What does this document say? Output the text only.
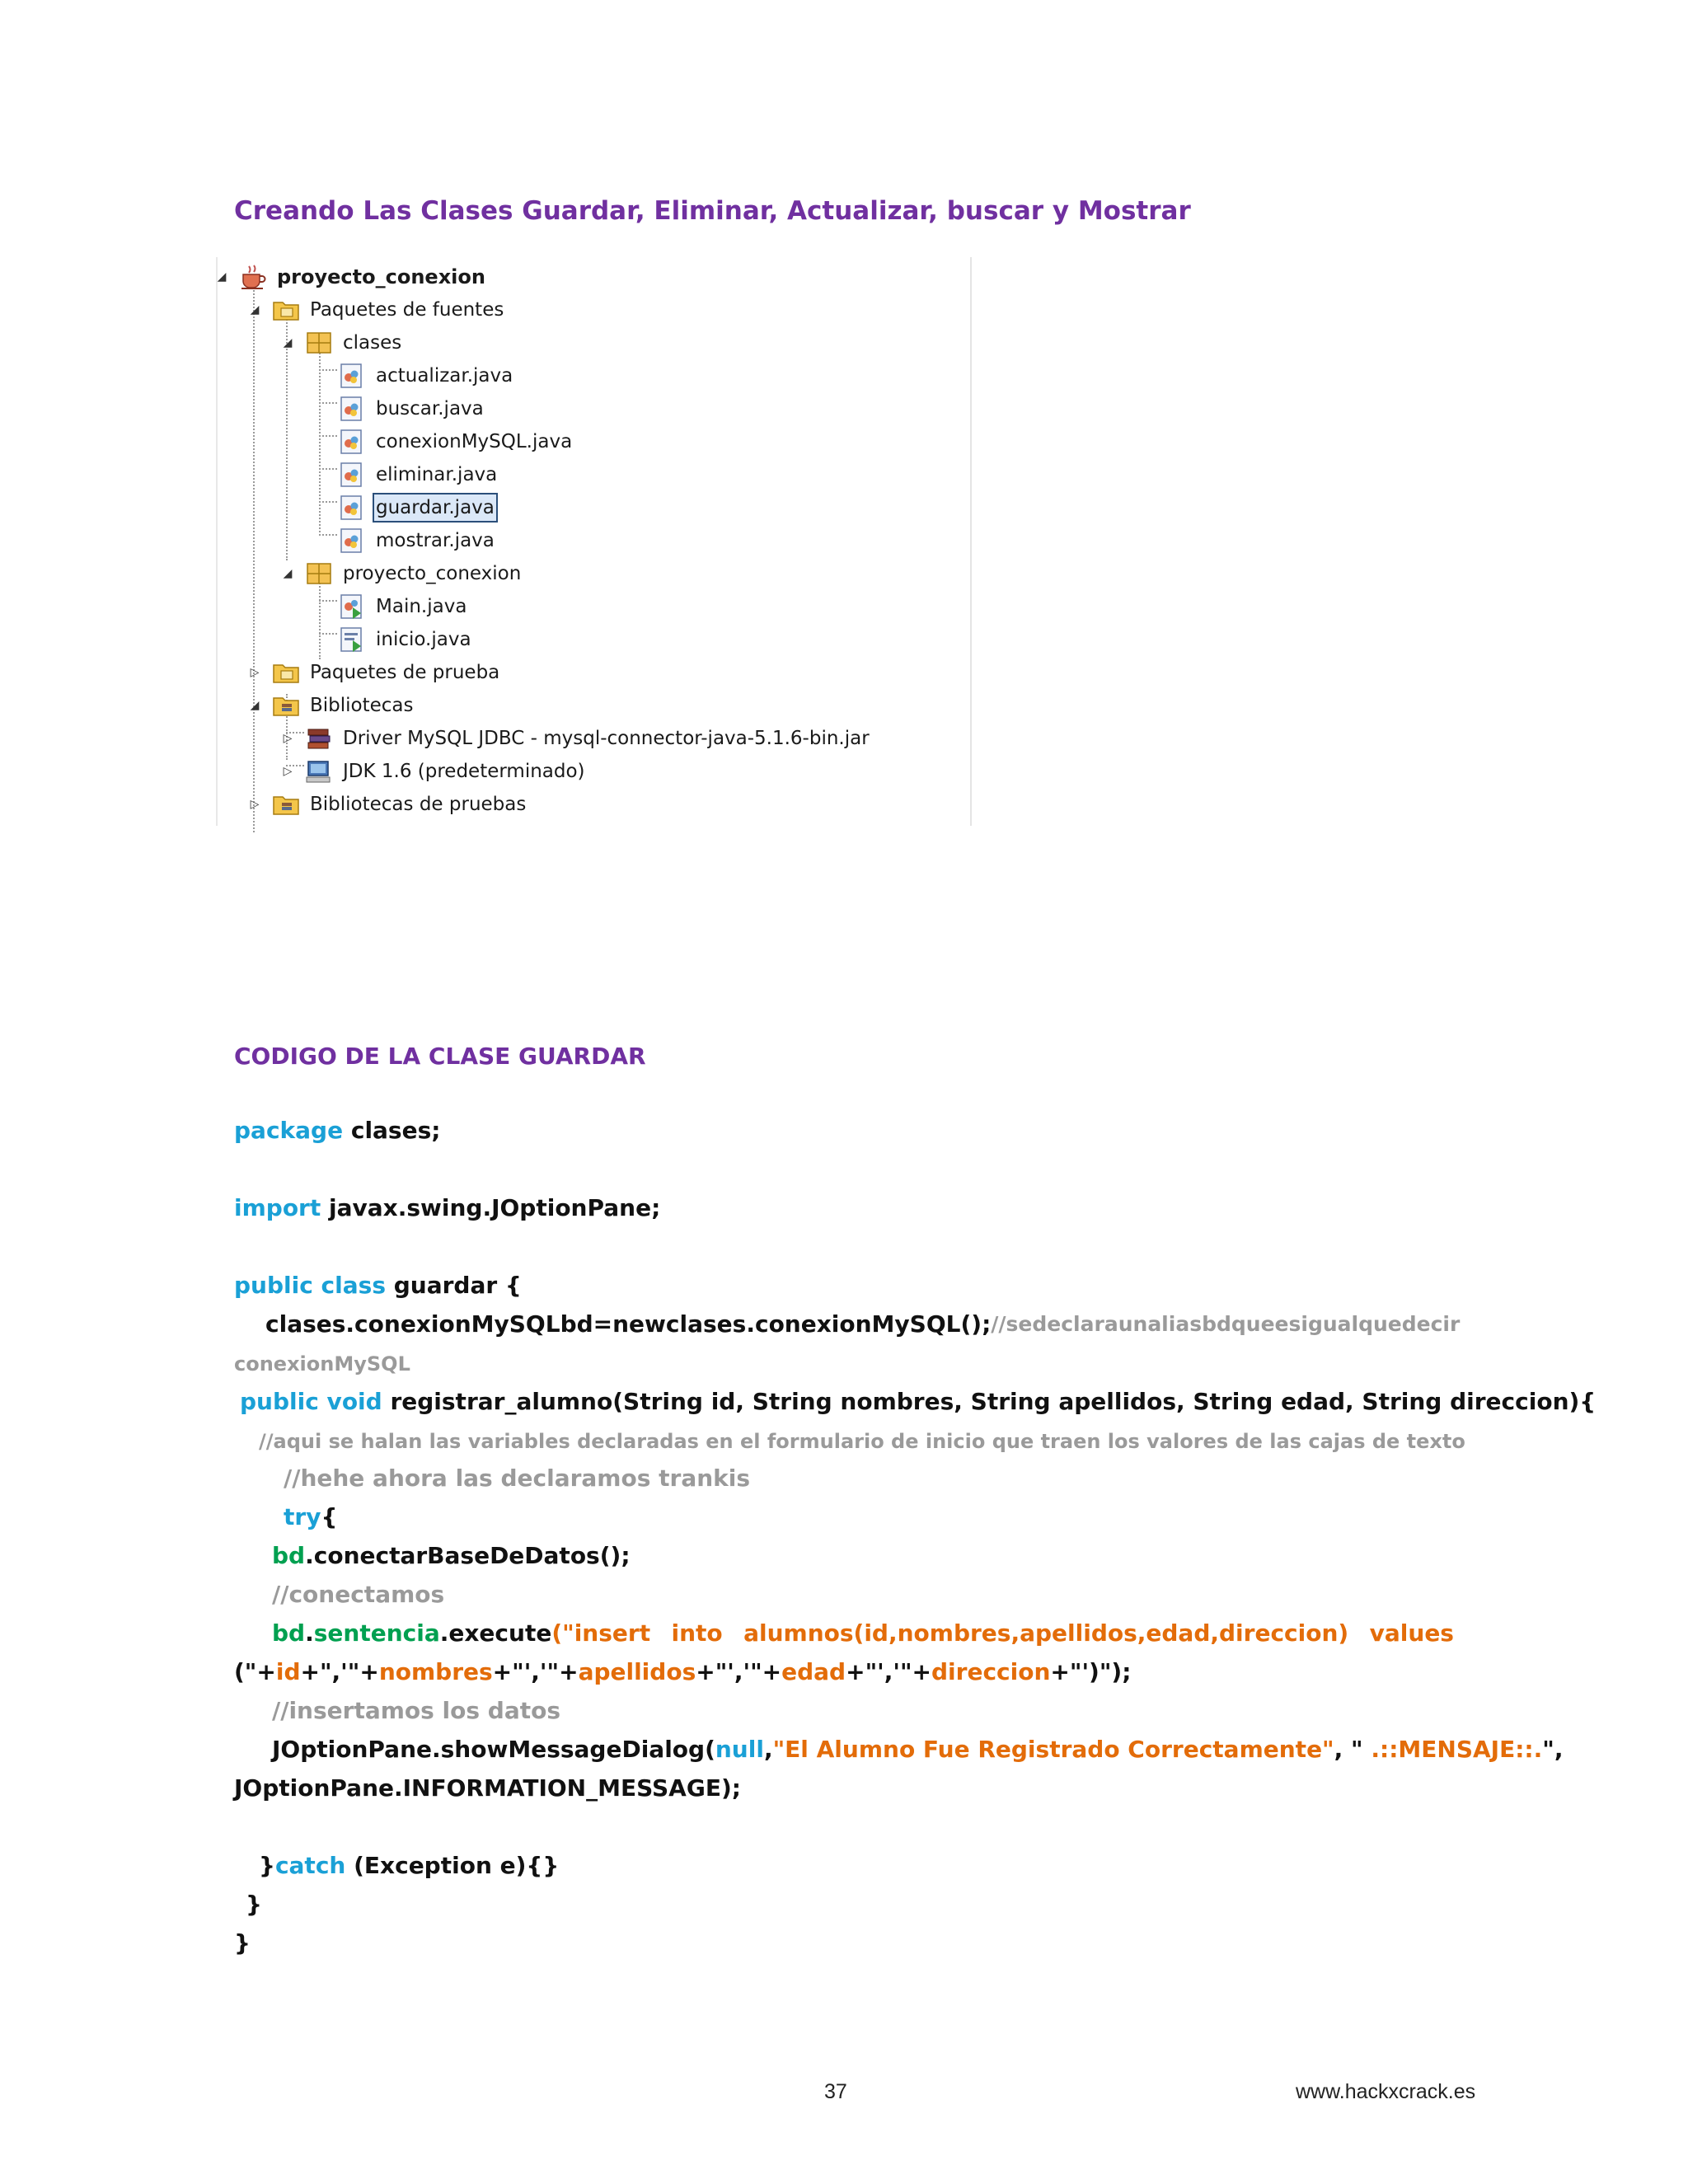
Creando Las Clases Guardar, Eliminar, Actualizar, buscar y Mostrar
◢
◢
◢
◢
▷
◢
▷
▷
▷
proyecto_conexion
Paquetes de fuentes
clases
actualizar.java
buscar.java
conexionMySQL.java
eliminar.java
guardar.java
mostrar.java
proyecto_conexion
Main.java
inicio.java
Paquetes de prueba
Bibliotecas
Driver MySQL JDBC - mysql-connector-java-5.1.6-bin.jar
JDK 1.6 (predeterminado)
Bibliotecas de pruebas
CODIGO DE LA CLASE GUARDAR
package clases;
import javax.swing.JOptionPane;
public class guardar {
clases.conexionMySQL bd = new clases.conexionMySQL(); //se declara un alias bd que es igual que decir
conexionMySQL
public void registrar_alumno(String id, String nombres, String apellidos, String edad, String direccion){
//aqui se halan las variables declaradas en el formulario de inicio que traen los valores de las cajas de texto
//hehe ahora las declaramos trankis
try{
bd.conectarBaseDeDatos();
//conectamos
bd.sentencia.execute("insert into alumnos(id,nombres,apellidos,edad,direccion) values
("+id+",'"+nombres+"','"+apellidos+"','"+edad+"','"+direccion+"')");
//insertamos los datos
JOptionPane.showMessageDialog(null, "El Alumno Fue Registrado Correctamente" , " .::MENSAJE::.",
JOptionPane.INFORMATION_MESSAGE);
}catch (Exception e){}
}
}
37	www.hackxcrack.es
